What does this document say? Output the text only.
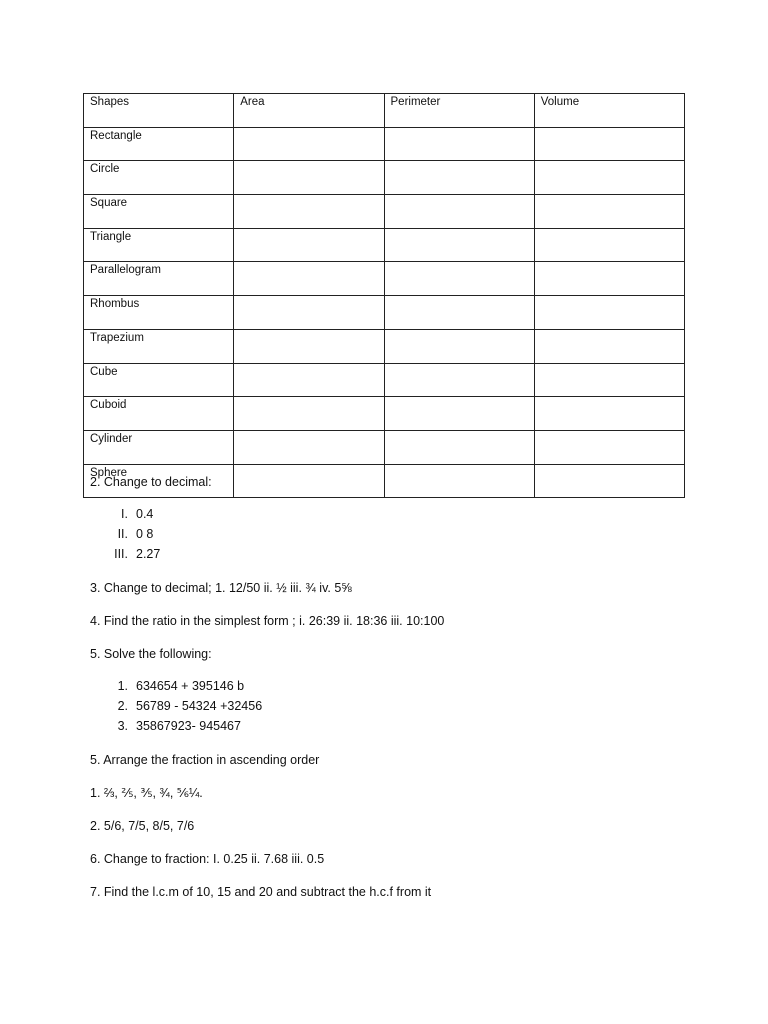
Shapes	Area	Perimeter	Volume
Rectangle			
Circle			
Square			
Triangle			
Parallelogram			
Rhombus			
Trapezium			
Cube			
Cuboid			
Cylinder			
Sphere			

2. Change to decimal:

I. 0.4
II. 0 8
III. 2.27

3. Change to decimal; 1. 12/50 ii. ½ iii. ¾ iv. 5⅝

4. Find the ratio in the simplest form ; i. 26:39 ii. 18:36 iii. 10:100

5. Solve the following:

1. 634654 + 395146 b
2. 56789 - 54324 +32456
3. 35867923- 945467

5. Arrange the fraction in ascending order

1. ⅔, ⅖, ⅗, ¾, ⅚¼.

2. 5/6, 7/5, 8/5, 7/6

6. Change to fraction: I. 0.25 ii. 7.68 iii. 0.5

7. Find the l.c.m of 10, 15 and 20 and subtract the h.c.f from it
